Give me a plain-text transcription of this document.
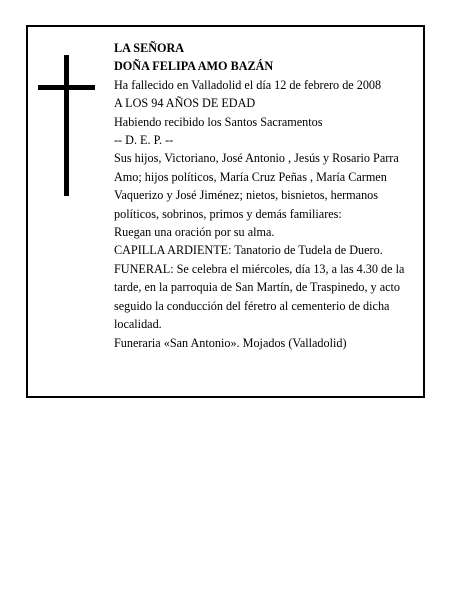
LA SEÑORA

DOÑA FELIPA AMO BAZÁN

Ha fallecido en Valladolid el día 12 de febrero de 2008

A LOS 94 AÑOS DE EDAD

Habiendo recibido los Santos Sacramentos

-- D. E. P. --

Sus hijos, Victoriano, José Antonio , Jesús y Rosario Parra Amo; hijos políticos, María Cruz Peñas , María Carmen Vaquerizo y José Jiménez; nietos, bisnietos, hermanos políticos, sobrinos, primos y demás familiares:

Ruegan una oración por su alma.

CAPILLA ARDIENTE: Tanatorio de Tudela de Duero.

FUNERAL: Se celebra el miércoles, día 13, a las 4.30 de la tarde, en la parroquia de San Martín, de Traspinedo, y acto seguido la conducción del féretro al cementerio de dicha localidad.

Funeraria «San Antonio». Mojados (Valladolid)
